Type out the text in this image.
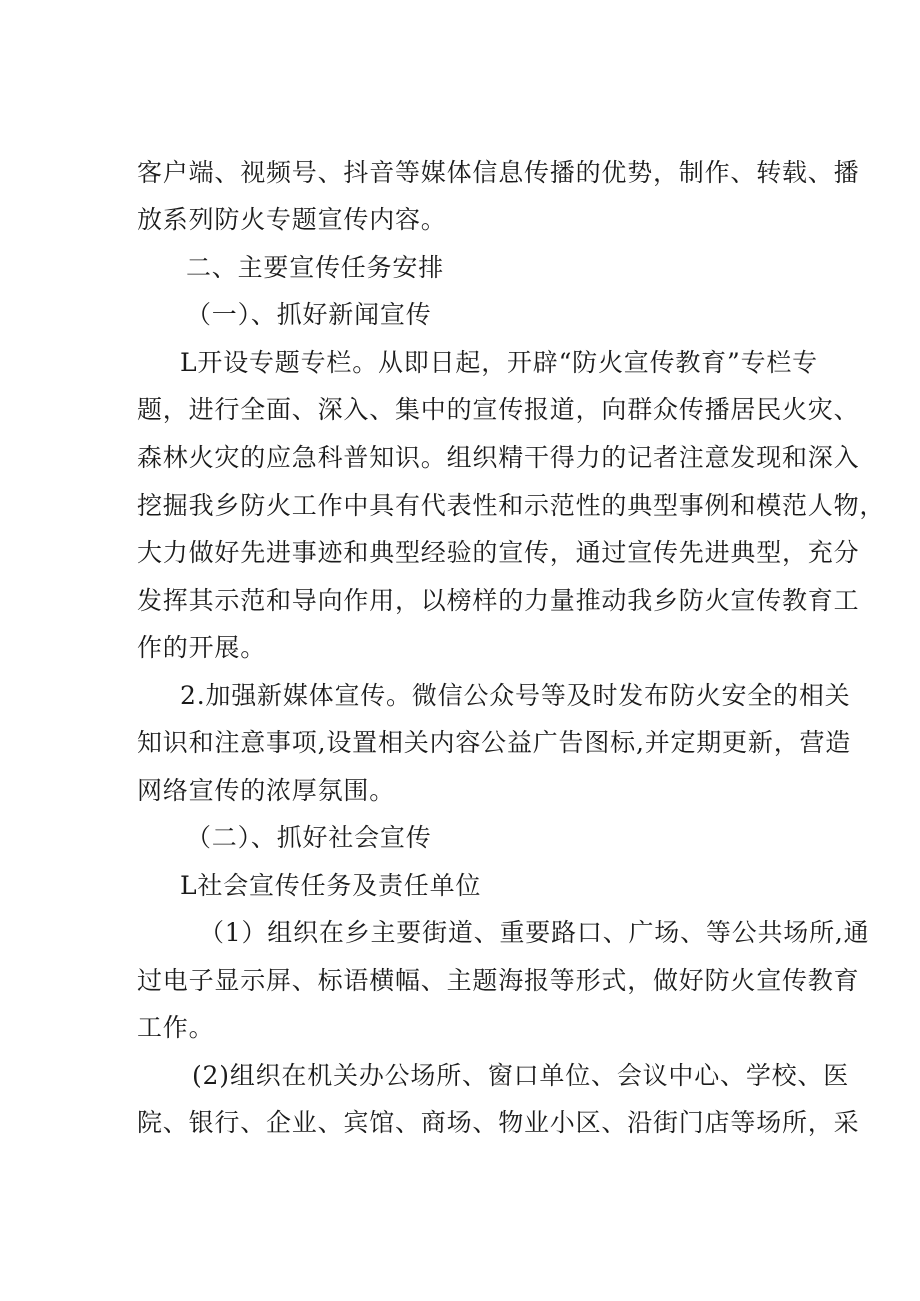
客户端、视频号、抖音等媒体信息传播的优势，制作、转载、播
放系列防火专题宣传内容。
二、主要宣传任务安排
（一）、抓好新闻宣传
L开设专题专栏。从即日起，开辟“防火宣传教育”专栏专
题，进行全面、深入、集中的宣传报道，向群众传播居民火灾、
森林火灾的应急科普知识。组织精干得力的记者注意发现和深入
挖掘我乡防火工作中具有代表性和示范性的典型事例和模范人物，
大力做好先进事迹和典型经验的宣传，通过宣传先进典型，充分
发挥其示范和导向作用，以榜样的力量推动我乡防火宣传教育工
作的开展。
2.加强新媒体宣传。微信公众号等及时发布防火安全的相关
知识和注意事项,设置相关内容公益广告图标,并定期更新，营造
网络宣传的浓厚氛围。
（二）、抓好社会宣传
L社会宣传任务及责任单位
（1）组织在乡主要街道、重要路口、广场、等公共场所,通
过电子显示屏、标语横幅、主题海报等形式，做好防火宣传教育
工作。
(2)组织在机关办公场所、窗口单位、会议中心、学校、医
院、银行、企业、宾馆、商场、物业小区、沿街门店等场所，采
